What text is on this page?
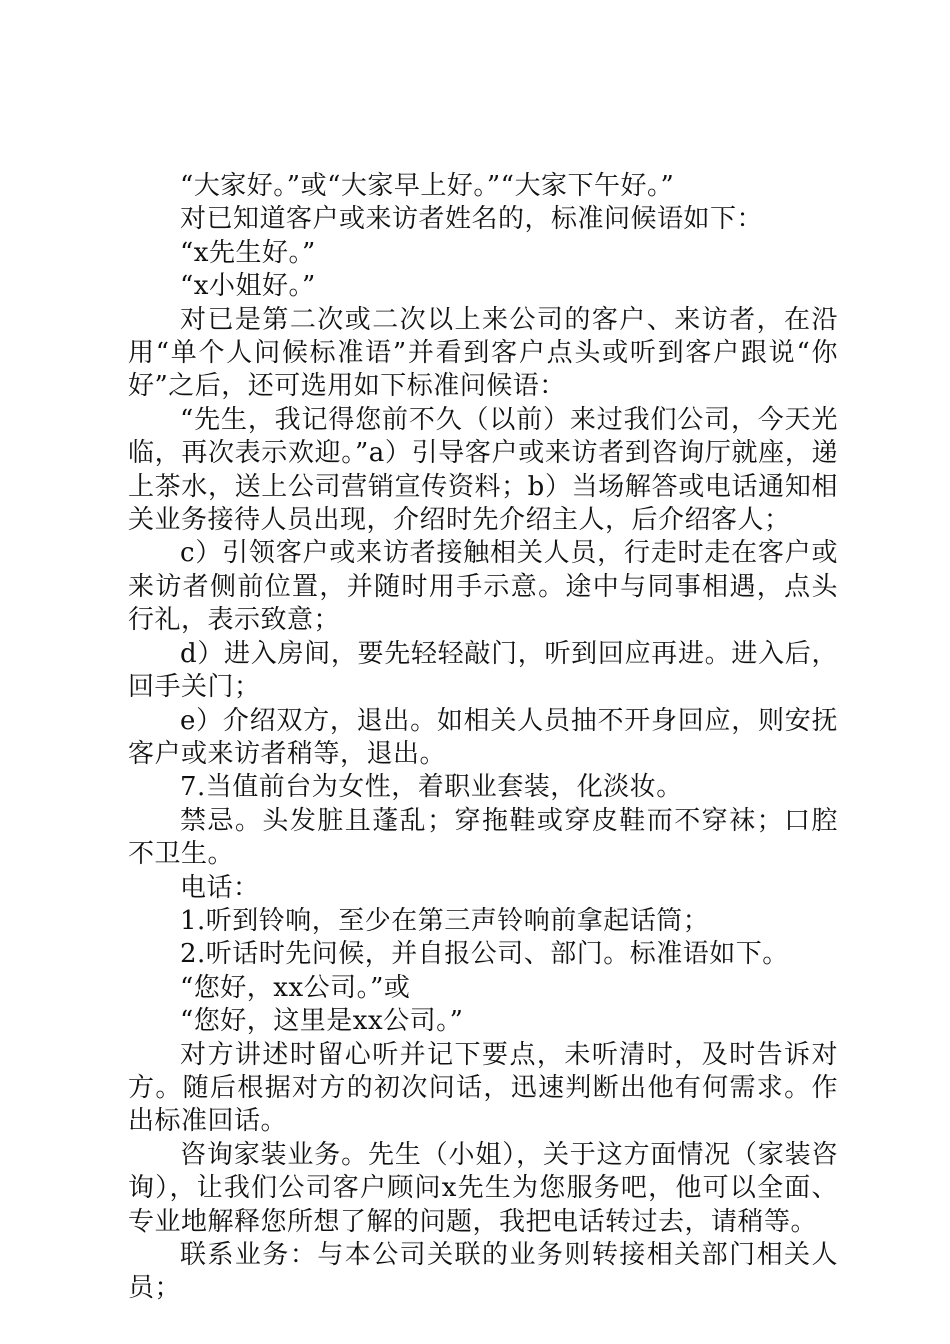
“大家好。”或“大家早上好。”“大家下午好。”

对已知道客户或来访者姓名的，标准问候语如下：

“x先生好。”

“x小姐好。”

对已是第二次或二次以上来公司的客户、来访者，在沿用“单个人问候标准语”并看到客户点头或听到客户跟说“你好”之后，还可选用如下标准问候语：

“先生，我记得您前不久（以前）来过我们公司，今天光临，再次表示欢迎。”a）引导客户或来访者到咨询厅就座，递上茶水，送上公司营销宣传资料；b）当场解答或电话通知相关业务接待人员出现，介绍时先介绍主人，后介绍客人；

c）引领客户或来访者接触相关人员，行走时走在客户或来访者侧前位置，并随时用手示意。途中与同事相遇，点头行礼，表示致意；

d）进入房间，要先轻轻敲门，听到回应再进。进入后，回手关门；

e）介绍双方，退出。如相关人员抽不开身回应，则安抚客户或来访者稍等，退出。

7.当值前台为女性，着职业套装，化淡妆。

禁忌。头发脏且蓬乱；穿拖鞋或穿皮鞋而不穿袜；口腔不卫生。

电话：

1.听到铃响，至少在第三声铃响前拿起话筒；

2.听话时先问候，并自报公司、部门。标准语如下。

“您好，xx公司。”或

“您好，这里是xx公司。”

对方讲述时留心听并记下要点，未听清时，及时告诉对方。随后根据对方的初次问话，迅速判断出他有何需求。作出标准回话。

咨询家装业务。先生（小姐），关于这方面情况（家装咨询），让我们公司客户顾问x先生为您服务吧，他可以全面、专业地解释您所想了解的问题，我把电话转过去，请稍等。

联系业务：与本公司关联的业务则转接相关部门相关人员；
